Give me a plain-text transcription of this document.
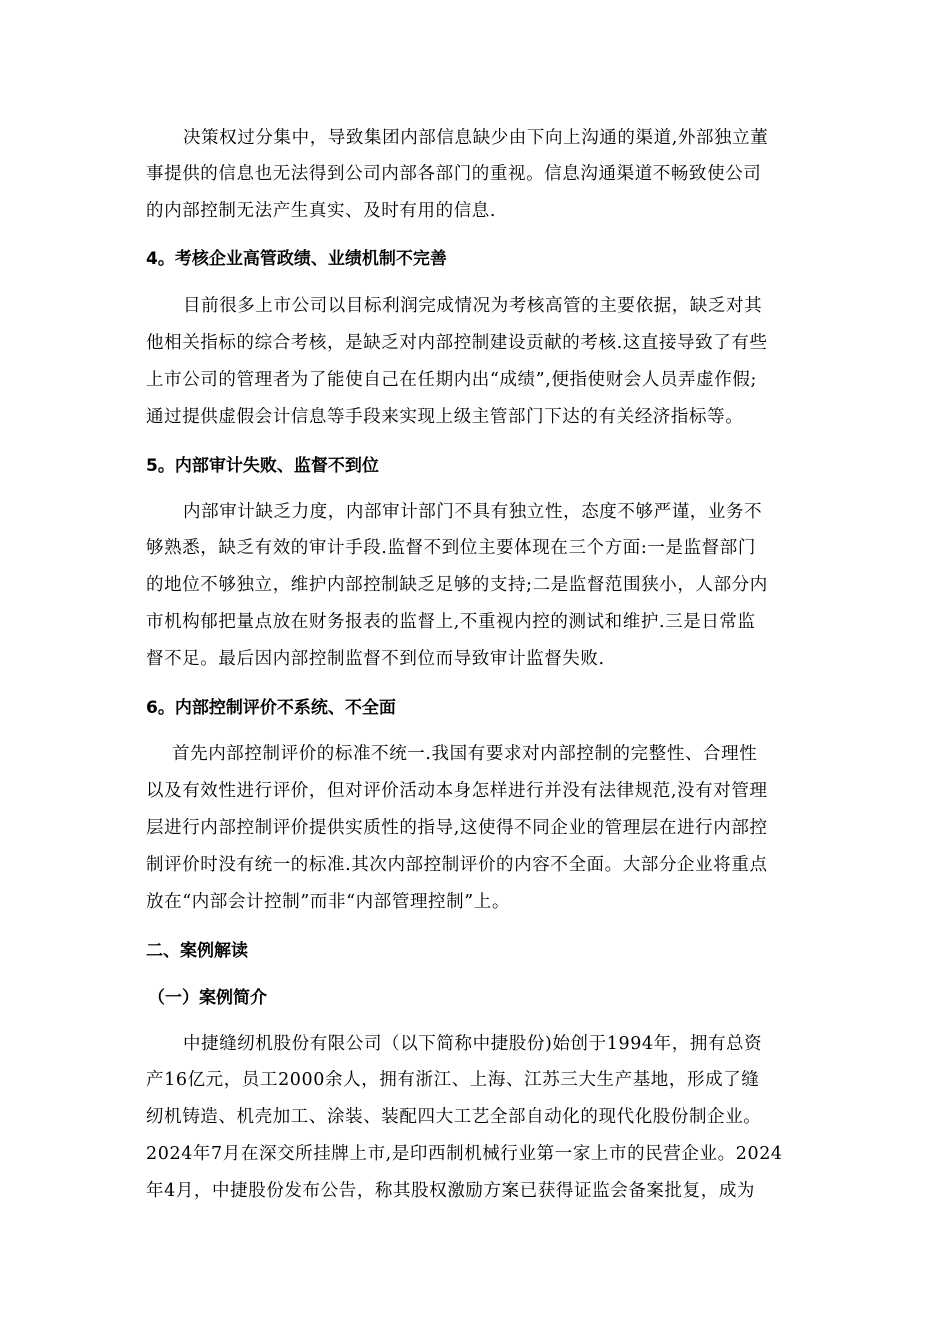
决策权过分集中，导致集团内部信息缺少由下向上沟通的渠道,外部独立董
事提供的信息也无法得到公司内部各部门的重视。信息沟通渠道不畅致使公司
的内部控制无法产生真实、及时有用的信息.
4。考核企业高管政绩、业绩机制不完善
目前很多上市公司以目标利润完成情况为考核高管的主要依据，缺乏对其
他相关指标的综合考核，是缺乏对内部控制建设贡献的考核.这直接导致了有些
上市公司的管理者为了能使自己在任期内出“成绩”,便指使财会人员弄虚作假;
通过提供虚假会计信息等手段来实现上级主管部门下达的有关经济指标等。
5。内部审计失败、监督不到位
内部审计缺乏力度，内部审计部门不具有独立性，态度不够严谨，业务不
够熟悉，缺乏有效的审计手段.监督不到位主要体现在三个方面:一是监督部门
的地位不够独立，维护内部控制缺乏足够的支持;二是监督范围狭小，人部分内
市机构郁把量点放在财务报表的监督上,不重视内控的测试和维护.三是日常监
督不足。最后因内部控制监督不到位而导致审计监督失败.
6。内部控制评价不系统、不全面
首先内部控制评价的标准不统一.我国有要求对内部控制的完整性、合理性
以及有效性进行评价，但对评价活动本身怎样进行并没有法律规范,没有对管理
层进行内部控制评价提供实质性的指导,这使得不同企业的管理层在进行内部控
制评价时没有统一的标准.其次内部控制评价的内容不全面。大部分企业将重点
放在“内部会计控制”而非“内部管理控制”上。
二、案例解读
（一）案例简介
中捷缝纫机股份有限公司（以下简称中捷股份)始创于1994年，拥有总资
产16亿元，员工2000余人，拥有浙江、上海、江苏三大生产基地，形成了缝
纫机铸造、机壳加工、涂装、装配四大工艺全部自动化的现代化股份制企业。
2024年7月在深交所挂牌上市,是印西制机械行业第一家上市的民营企业。2024
年4月，中捷股份发布公告，称其股权激励方案已获得证监会备案批复，成为
